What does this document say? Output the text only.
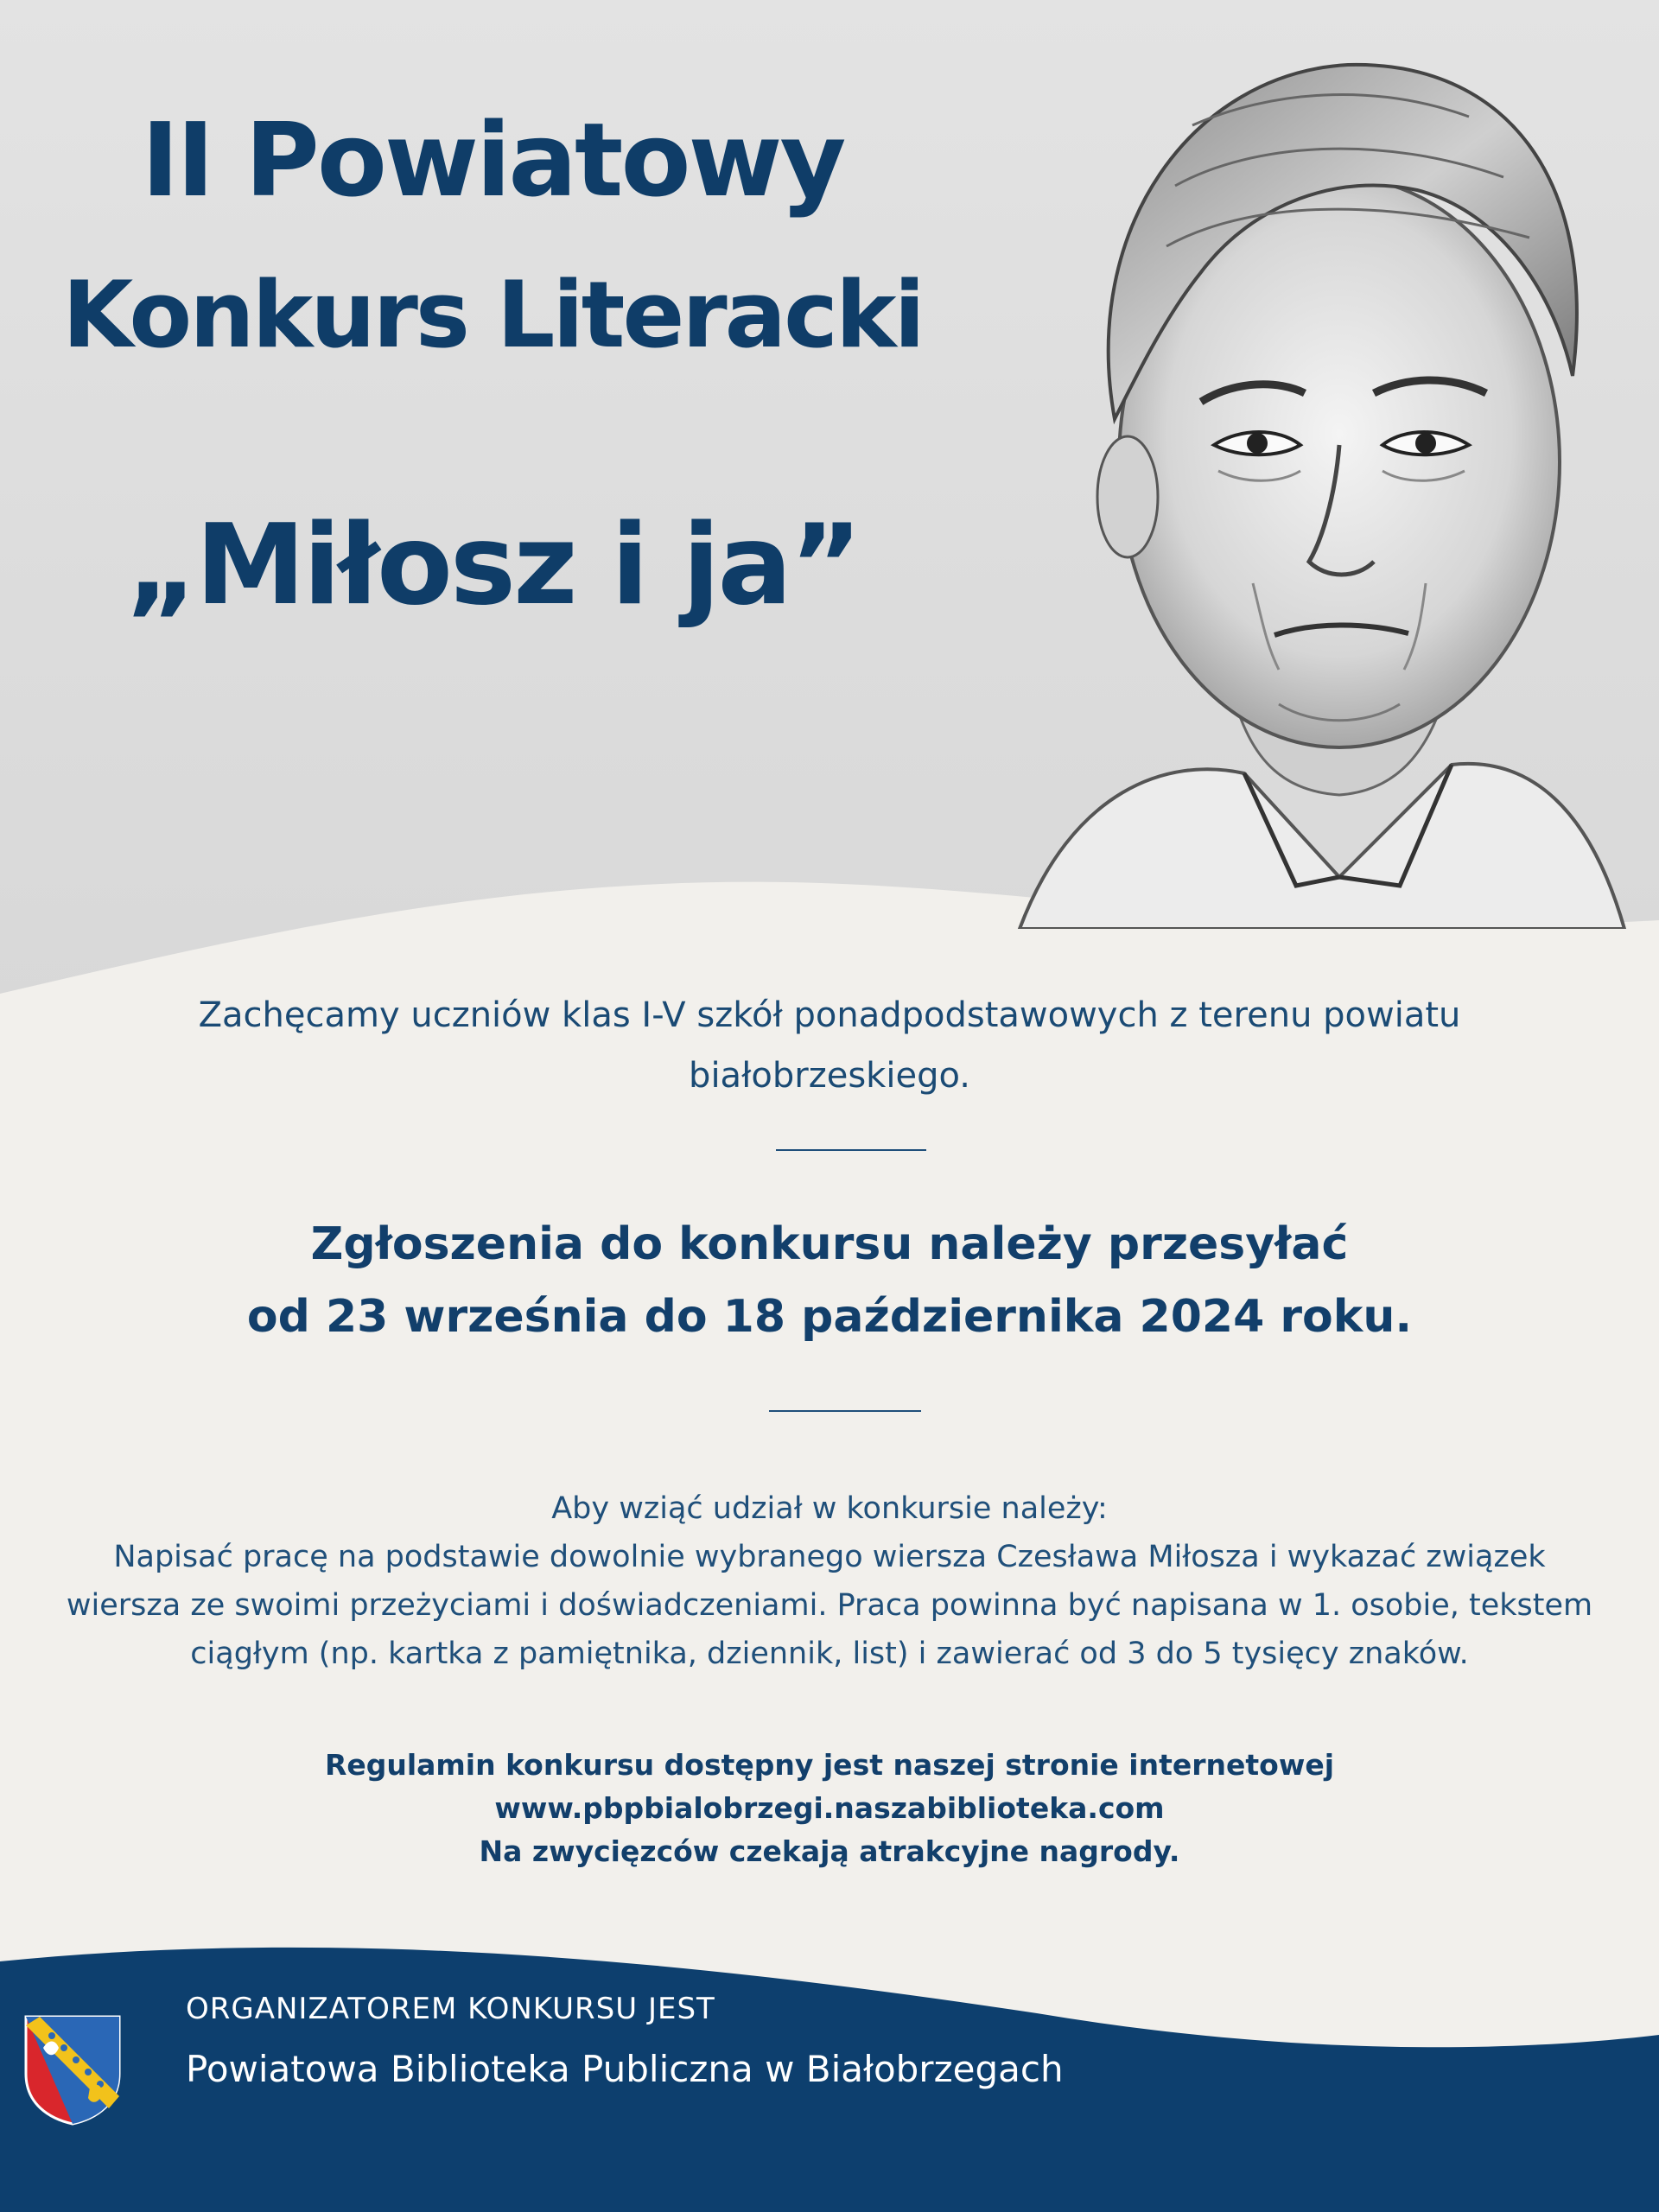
II Powiatowy
Konkurs Literacki
„Miłosz i ja”
Zachęcamy uczniów klas I-V szkół ponadpodstawowych z terenu powiatu
białobrzeskiego.
Zgłoszenia do konkursu należy przesyłać
od 23 września do 18 października 2024 roku.
Aby wziąć udział w konkursie należy:
Napisać pracę na podstawie dowolnie wybranego wiersza Czesława Miłosza i wykazać związek
wiersza ze swoimi przeżyciami i doświadczeniami. Praca powinna być napisana w 1. osobie, tekstem
ciągłym (np. kartka z pamiętnika, dziennik, list) i zawierać od 3 do 5 tysięcy znaków.
Regulamin konkursu dostępny jest naszej stronie internetowej
www.pbpbialobrzegi.naszabiblioteka.com
Na zwycięzców czekają atrakcyjne nagrody.
ORGANIZATOREM KONKURSU JEST
Powiatowa Biblioteka Publiczna w Białobrzegach
